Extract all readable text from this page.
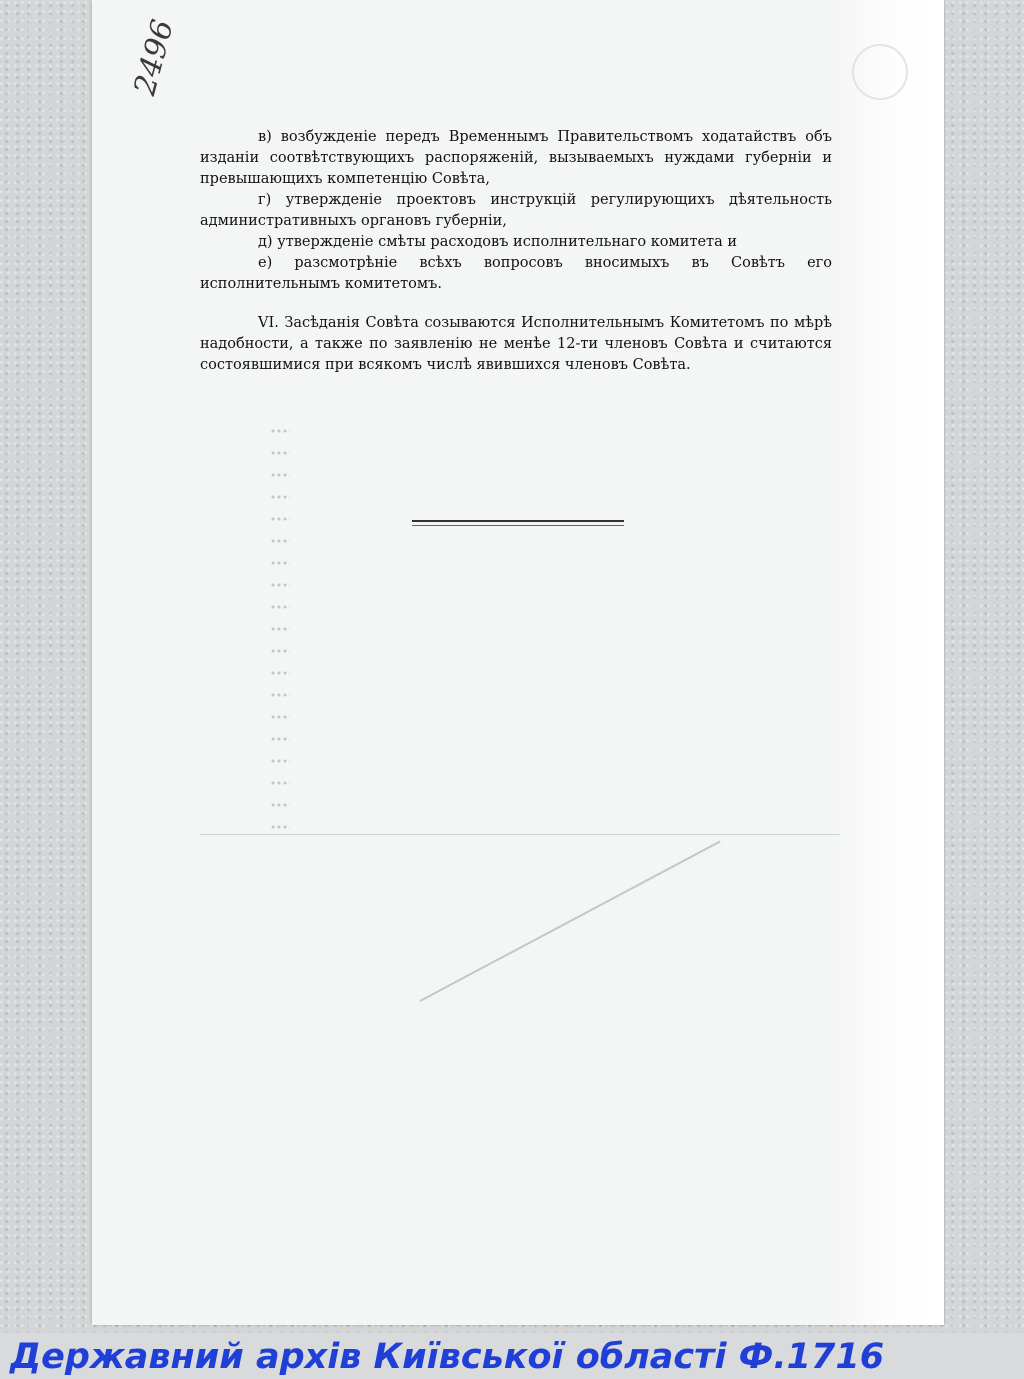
2496

в) возбужденіе передъ Временнымъ Правительствомъ ходатайствъ объ изданіи соотвѣтствующихъ распоряженій, вызываемыхъ нуждами губерніи и превышающихъ компетенцію Совѣта,

г) утвержденіе проектовъ инструкцій регулирующихъ дѣятельность административныхъ органовъ губерніи,

д) утвержденіе смѣты расходовъ исполнительнаго комитета и

е) разсмотрѣніе всѣхъ вопросовъ вносимыхъ въ Совѣтъ его исполнительнымъ комитетомъ.

VI. Засѣданія Совѣта созываются Исполнительнымъ Комитетомъ по мѣрѣ надобности, а также по заявленію не менѣе 12-ти членовъ Совѣта и считаются состоявшимися при всякомъ числѣ явившихся членовъ Совѣта.

Державний архів Київської області Ф.1716
